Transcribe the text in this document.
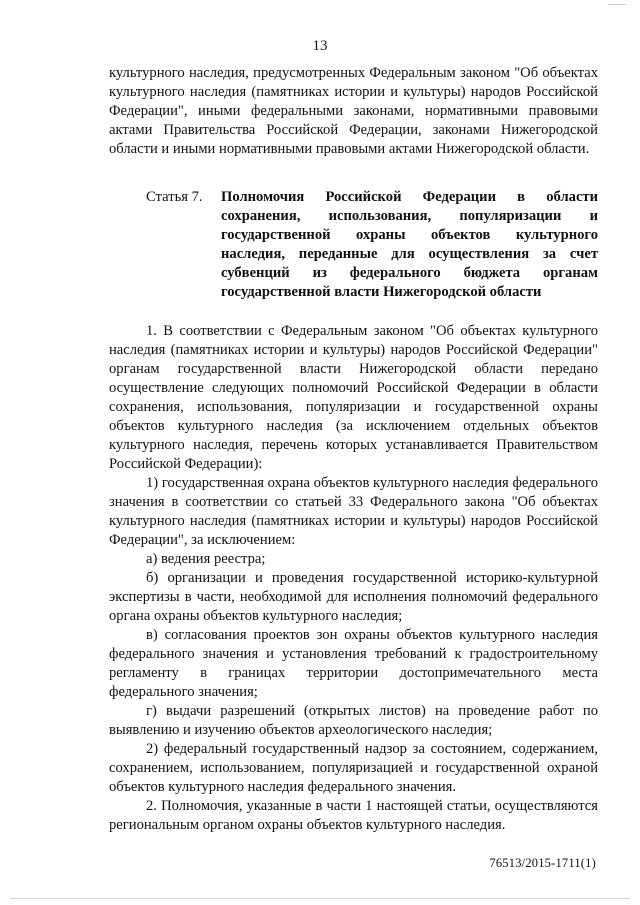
13

культурного наследия, предусмотренных Федеральным законом "Об объектах культурного наследия (памятниках истории и культуры) народов Российской Федерации", иными федеральными законами, нормативными правовыми актами Правительства Российской Федерации, законами Нижегородской области и иными нормативными правовыми актами Нижегородской области.

Статья 7. Полномочия Российской Федерации в области сохранения, использования, популяризации и государственной охраны объектов культурного наследия, переданные для осуществления за счет субвенций из федерального бюджета органам государственной власти Нижегородской области

1. В соответствии с Федеральным законом "Об объектах культурного наследия (памятниках истории и культуры) народов Российской Федерации" органам государственной власти Нижегородской области передано осуществление следующих полномочий Российской Федерации в области сохранения, использования, популяризации и государственной охраны объектов культурного наследия (за исключением отдельных объектов культурного наследия, перечень которых устанавливается Правительством Российской Федерации):

1) государственная охрана объектов культурного наследия федерального значения в соответствии со статьей 33 Федерального закона "Об объектах культурного наследия (памятниках истории и культуры) народов Российской Федерации", за исключением:

а) ведения реестра;

б) организации и проведения государственной историко-культурной экспертизы в части, необходимой для исполнения полномочий федерального органа охраны объектов культурного наследия;

в) согласования проектов зон охраны объектов культурного наследия федерального значения и установления требований к градостроительному регламенту в границах территории достопримечательного места федерального значения;

г) выдачи разрешений (открытых листов) на проведение работ по выявлению и изучению объектов археологического наследия;

2) федеральный государственный надзор за состоянием, содержанием, сохранением, использованием, популяризацией и государственной охраной объектов культурного наследия федерального значения.

2. Полномочия, указанные в части 1 настоящей статьи, осуществляются региональным органом охраны объектов культурного наследия.

76513/2015-1711(1)
